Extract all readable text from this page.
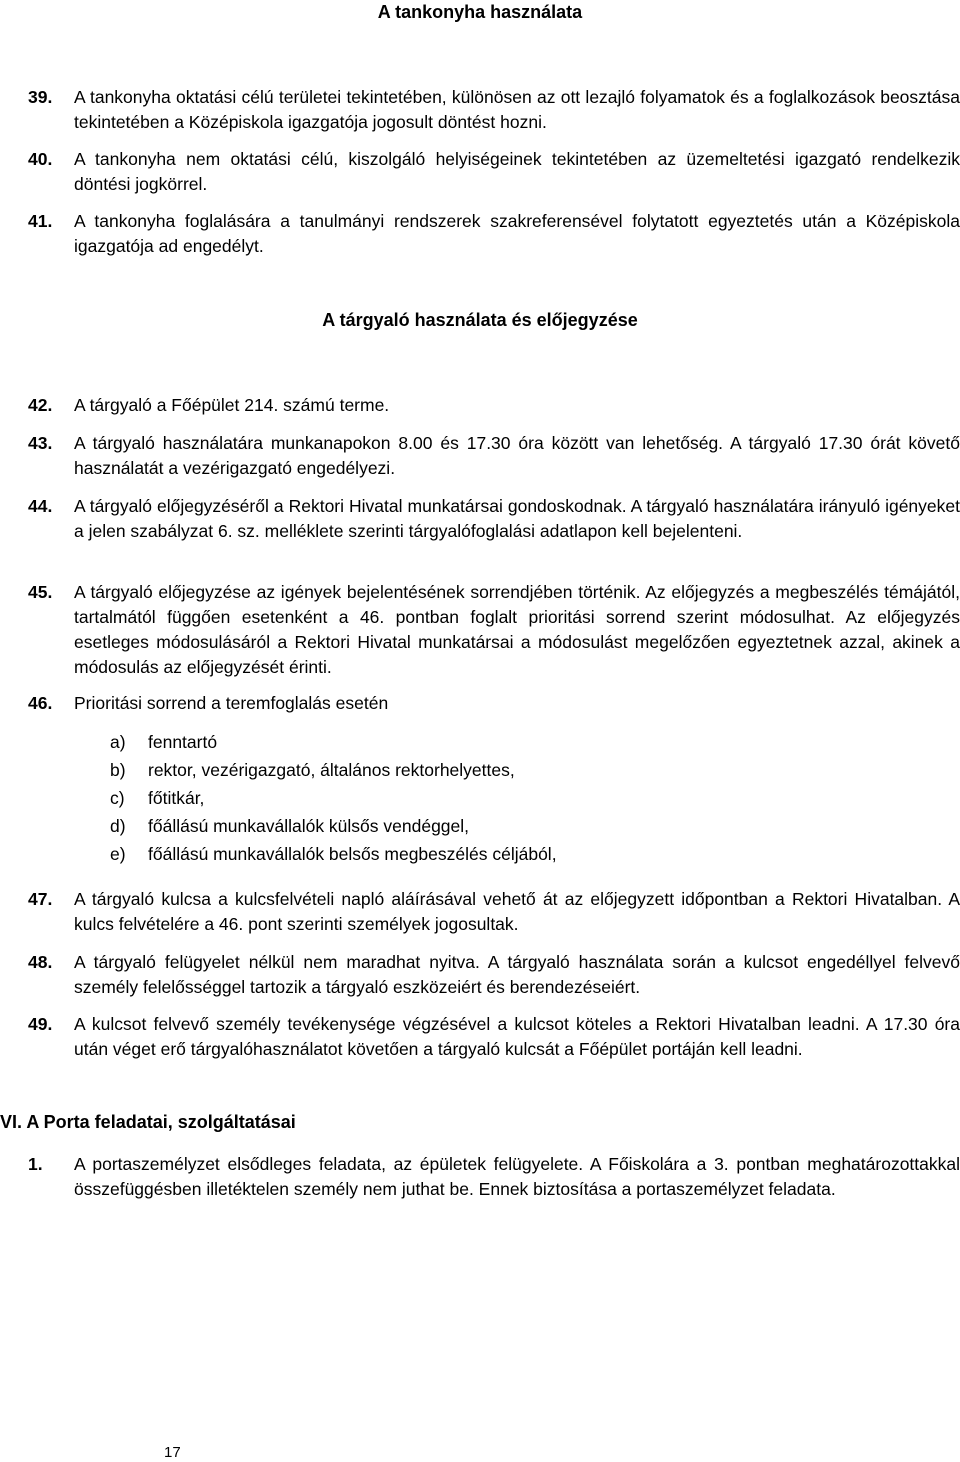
A tankonyha használata
39.	A tankonyha oktatási célú területei tekintetében, különösen az ott lezajló folyamatok és a foglalkozások beosztása tekintetében a Középiskola igazgatója jogosult döntést hozni.
40.	A tankonyha nem oktatási célú, kiszolgáló helyiségeinek tekintetében az üzemeltetési igazgató rendelkezik döntési jogkörrel.
41.	A tankonyha foglalására a tanulmányi rendszerek szakreferensével folytatott egyeztetés után a Középiskola igazgatója ad engedélyt.
A tárgyaló használata és előjegyzése
42.	A tárgyaló a Főépület 214. számú terme.
43.	A tárgyaló használatára munkanapokon 8.00 és 17.30 óra között van lehetőség. A tárgyaló 17.30 órát követő használatát a vezérigazgató engedélyezi.
44.	A tárgyaló előjegyzéséről a Rektori Hivatal munkatársai gondoskodnak. A tárgyaló használatára irányuló igényeket a jelen szabályzat 6. sz. melléklete szerinti tárgyalófoglalási adatlapon kell bejelenteni.
45.	A tárgyaló előjegyzése az igények bejelentésének sorrendjében történik. Az előjegyzés a megbeszélés témájától, tartalmától függően esetenként a 46. pontban foglalt prioritási sorrend szerint módosulhat. Az előjegyzés esetleges módosulásáról a Rektori Hivatal munkatársai a módosulást megelőzően egyeztetnek azzal, akinek a módosulás az előjegyzését érinti.
46.	Prioritási sorrend a teremfoglalás esetén
a) fenntartó
b) rektor, vezérigazgató, általános rektorhelyettes,
c) főtitkár,
d) főállású munkavállalók külsős vendéggel,
e) főállású munkavállalók belsős megbeszélés céljából,
47.	A tárgyaló kulcsa a kulcsfelvételi napló aláírásával vehető át az előjegyzett időpontban a Rektori Hivatalban. A kulcs felvételére a 46. pont szerinti személyek jogosultak.
48.	A tárgyaló felügyelet nélkül nem maradhat nyitva. A tárgyaló használata során a kulcsot engedéllyel felvevő személy felelősséggel tartozik a tárgyaló eszközeiért és berendezéseiért.
49.	A kulcsot felvevő személy tevékenysége végzésével a kulcsot köteles a Rektori Hivatalban leadni. A 17.30 óra után véget erő tárgyalóhasználatot követően a tárgyaló kulcsát a Főépület portáján kell leadni.
VI. A Porta feladatai, szolgáltatásai
1.	A portaszemélyzet elsődleges feladata, az épületek felügyelete. A Főiskolára a 3. pontban meghatározottakkal összefüggésben illetéktelen személy nem juthat be. Ennek biztosítása a portaszemélyzet feladata.
17
